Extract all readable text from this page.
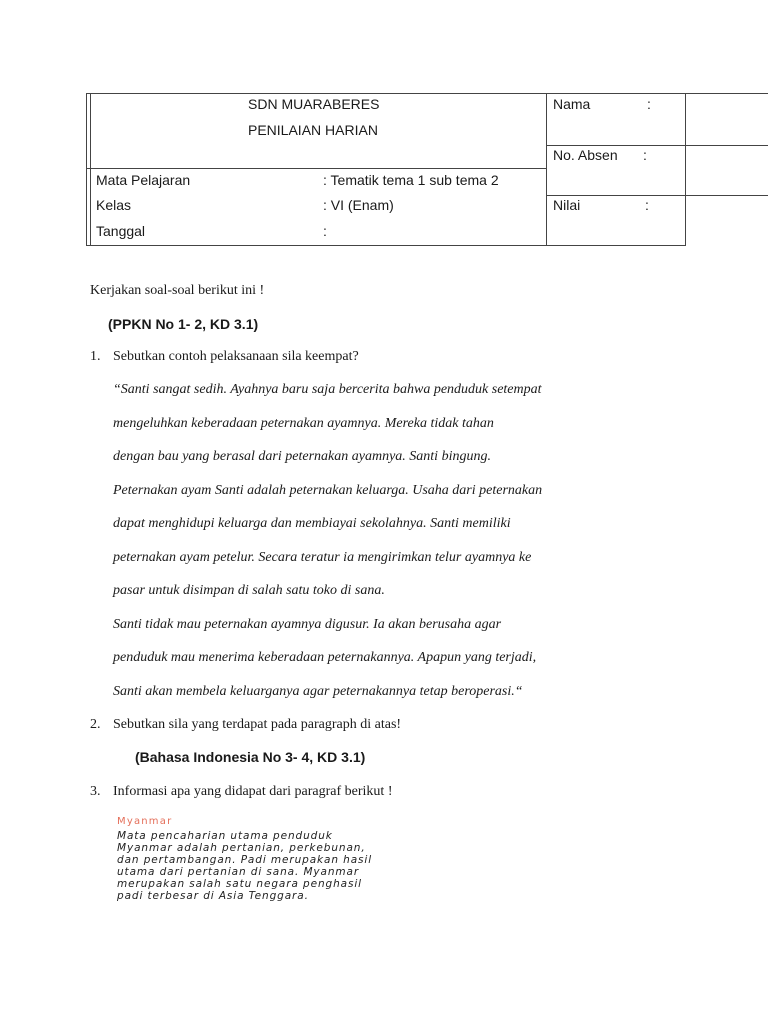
SDN MUARABERES
PENILAIAN HARIAN
Mata Pelajaran	: Tematik tema 1 sub tema 2
Kelas	: VI (Enam)
Tanggal	:
Nama	:
No. Absen :
Nilai	:
Kerjakan soal-soal berikut ini !
(PPKN No 1- 2, KD 3.1)
1. Sebutkan contoh pelaksanaan sila keempat?
“Santi sangat sedih. Ayahnya baru saja bercerita bahwa penduduk setempat
mengeluhkan keberadaan peternakan ayamnya. Mereka tidak tahan
dengan bau yang berasal dari peternakan ayamnya. Santi bingung.
Peternakan ayam Santi adalah peternakan keluarga. Usaha dari peternakan
dapat menghidupi keluarga dan membiayai sekolahnya. Santi memiliki
peternakan ayam petelur. Secara teratur ia mengirimkan telur ayamnya ke
pasar untuk disimpan di salah satu toko di sana.
Santi tidak mau peternakan ayamnya digusur. Ia akan berusaha agar
penduduk mau menerima keberadaan peternakannya. Apapun yang terjadi,
Santi akan membela keluarganya agar peternakannya tetap beroperasi.“
2. Sebutkan sila yang terdapat pada paragraph di atas!
(Bahasa Indonesia No 3- 4, KD 3.1)
3. Informasi apa yang didapat dari paragraf berikut !
Myanmar
Mata pencaharian utama penduduk
Myanmar adalah pertanian, perkebunan,
dan pertambangan. Padi merupakan hasil
utama dari pertanian di sana. Myanmar
merupakan salah satu negara penghasil
padi terbesar di Asia Tenggara.
